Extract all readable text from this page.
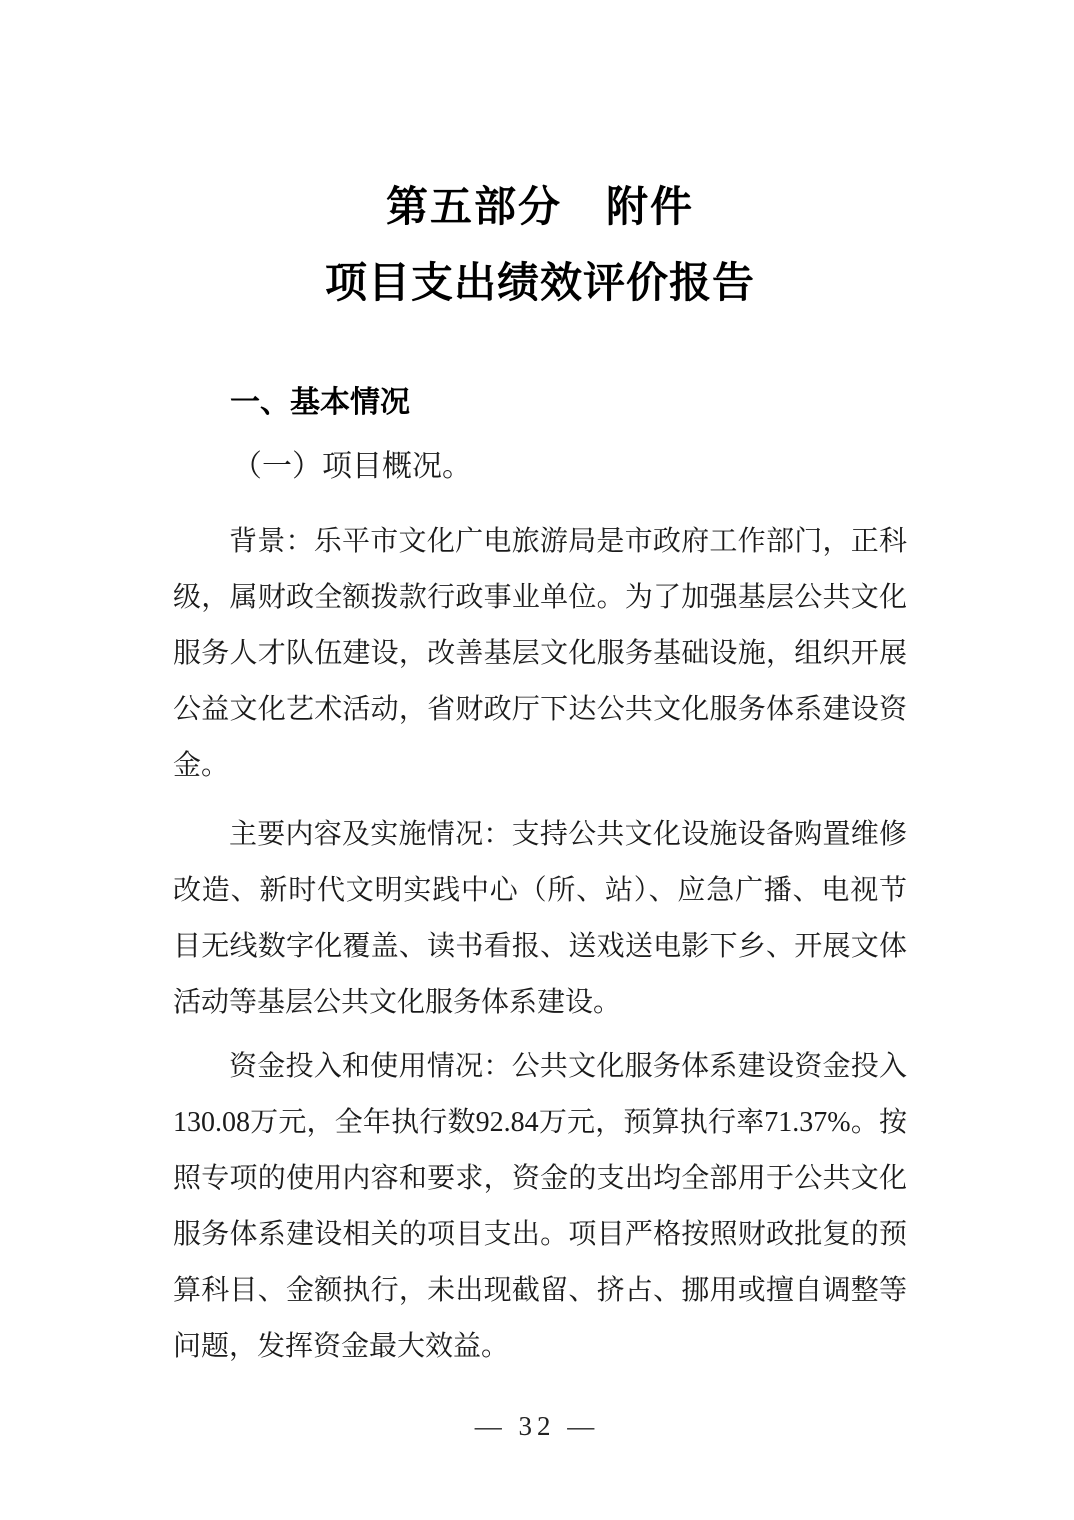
第五部分　附件
项目支出绩效评价报告
一、基本情况
（一）项目概况。

背景：乐平市文化广电旅游局是市政府工作部门，正科级，属财政全额拨款行政事业单位。为了加强基层公共文化服务人才队伍建设，改善基层文化服务基础设施，组织开展公益文化艺术活动，省财政厅下达公共文化服务体系建设资金。

主要内容及实施情况：支持公共文化设施设备购置维修改造、新时代文明实践中心（所、站）、应急广播、电视节目无线数字化覆盖、读书看报、送戏送电影下乡、开展文体活动等基层公共文化服务体系建设。

资金投入和使用情况：公共文化服务体系建设资金投入130.08万元，全年执行数92.84万元，预算执行率71.37%。按照专项的使用内容和要求，资金的支出均全部用于公共文化服务体系建设相关的项目支出。项目严格按照财政批复的预算科目、金额执行，未出现截留、挤占、挪用或擅自调整等问题，发挥资金最大效益。

— 32 —
